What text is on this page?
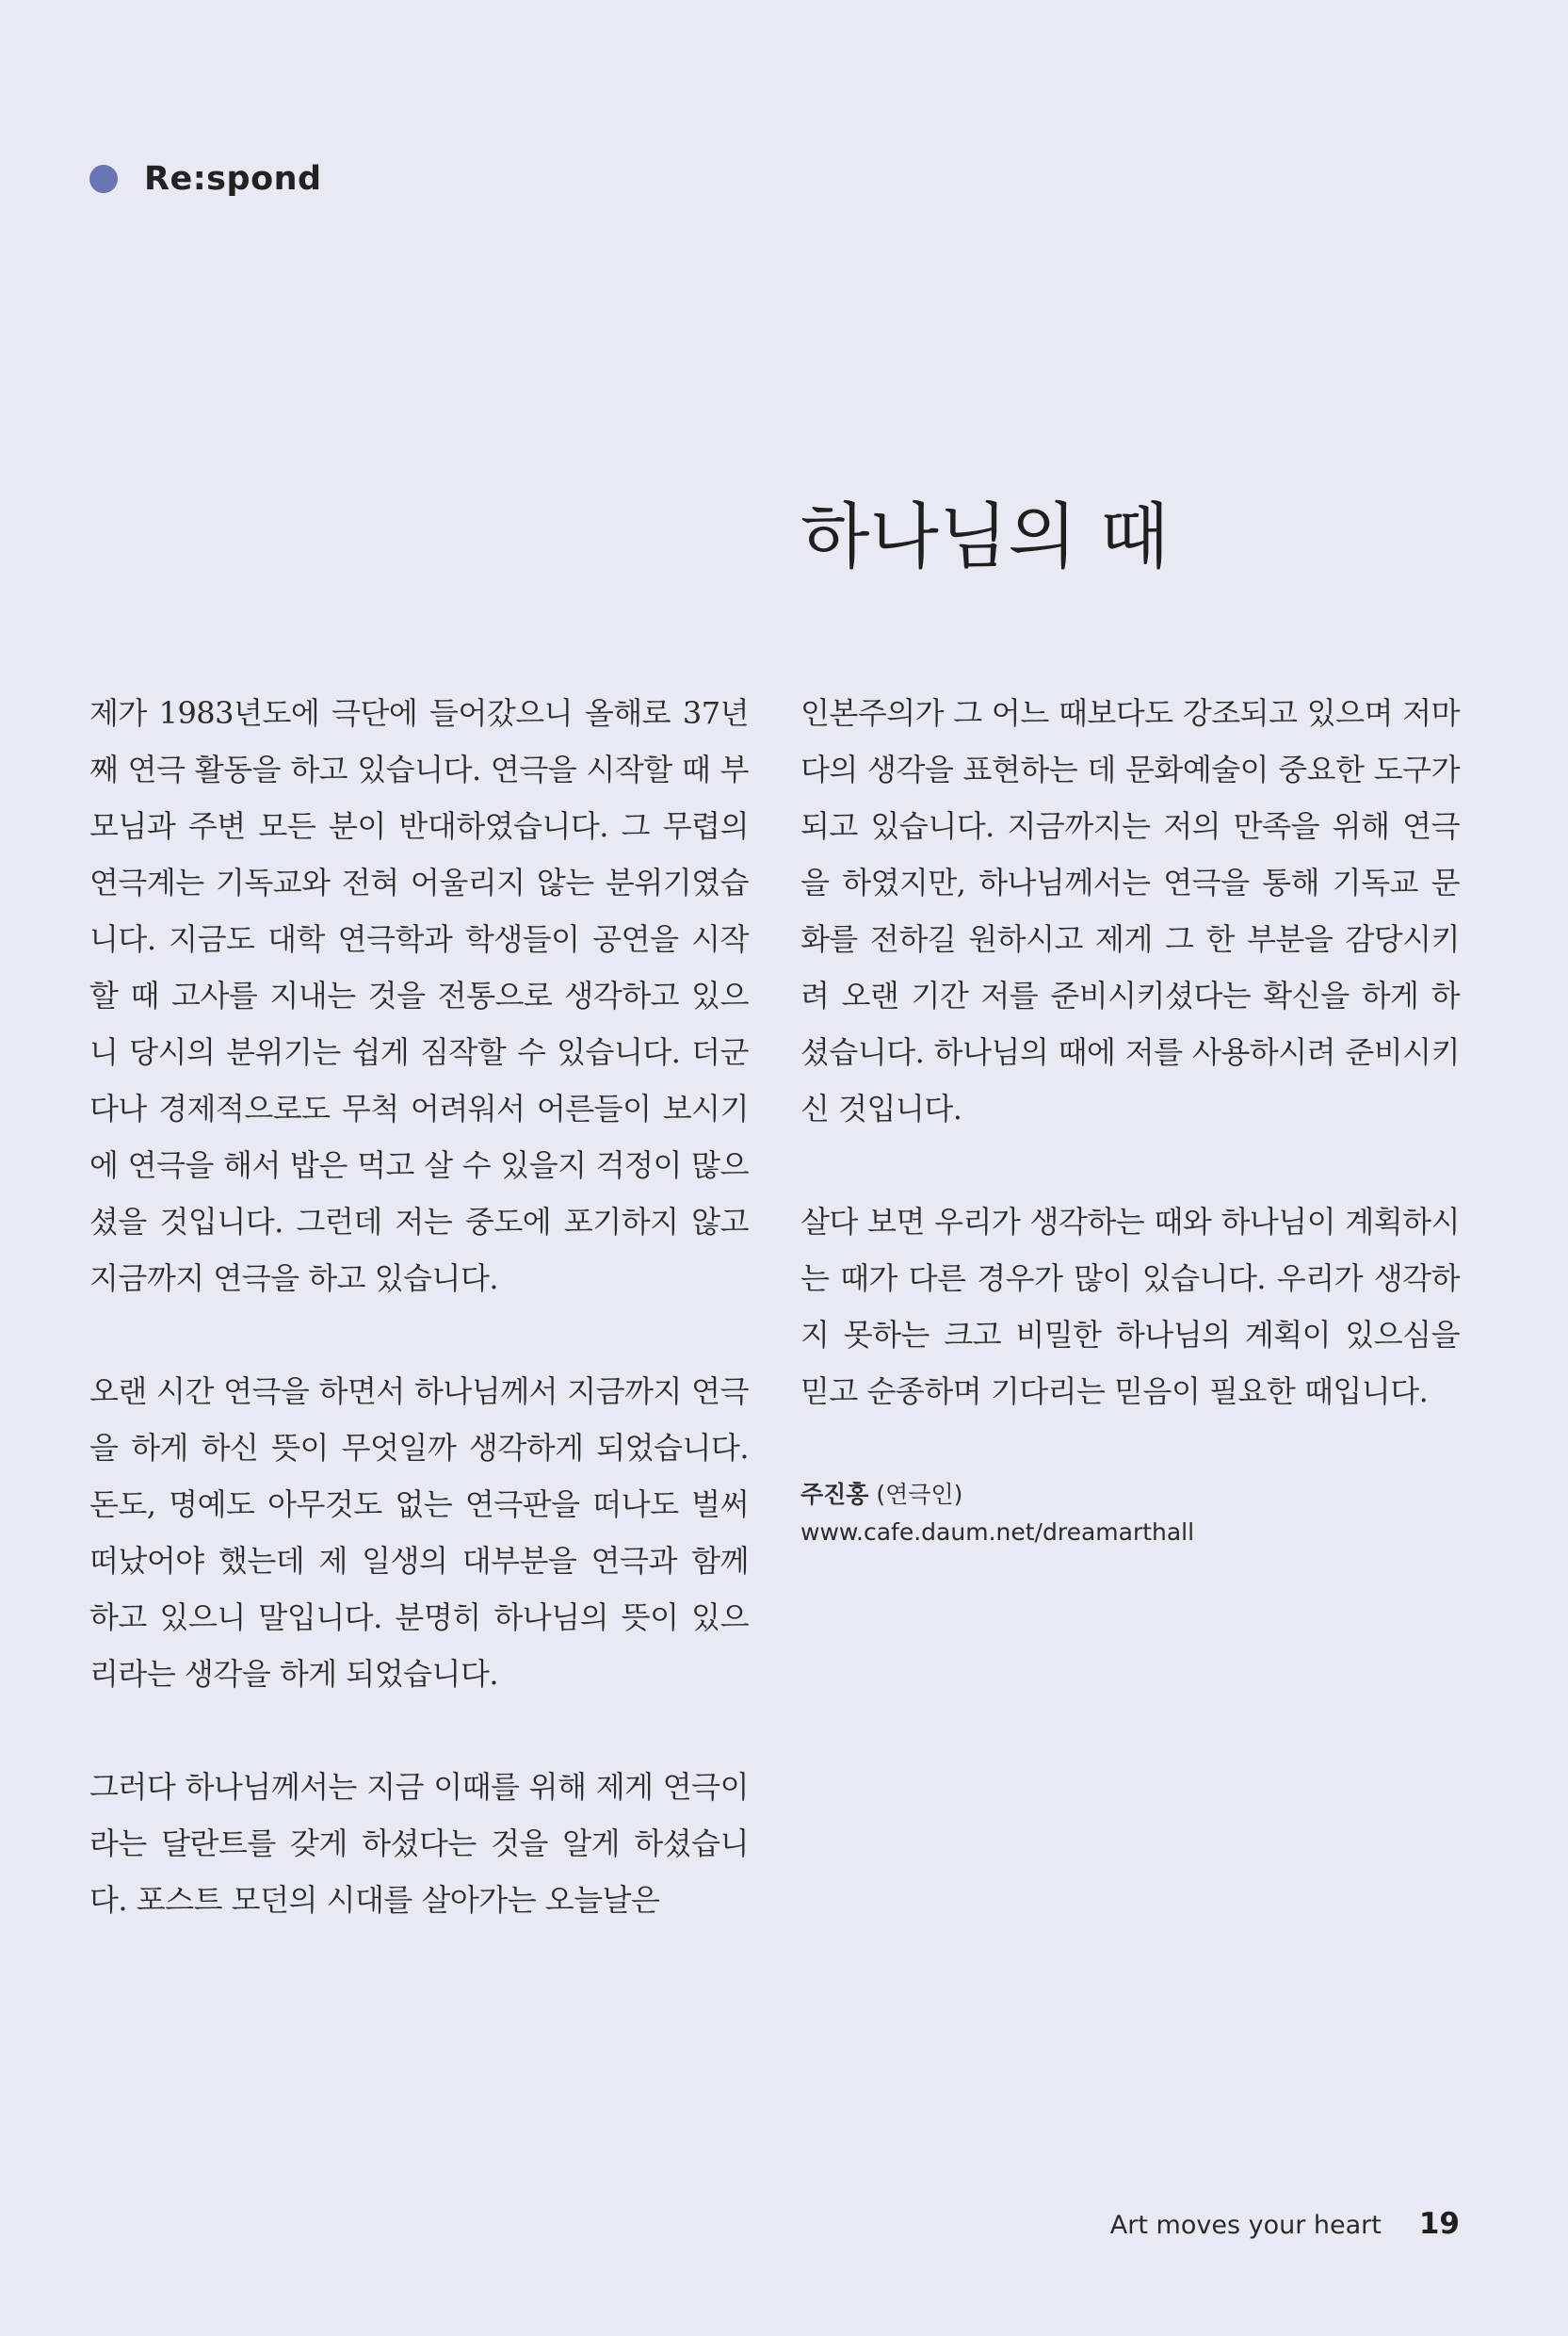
Re:spond
하나님의 때

제가 1983년도에 극단에 들어갔으니 올해로 37년째 연극 활동을 하고 있습니다. 연극을 시작할 때 부모님과 주변 모든 분이 반대하였습니다. 그 무렵의 연극계는 기독교와 전혀 어울리지 않는 분위기였습니다. 지금도 대학 연극학과 학생들이 공연을 시작할 때 고사를 지내는 것을 전통으로 생각하고 있으니 당시의 분위기는 쉽게 짐작할 수 있습니다. 더군다나 경제적으로도 무척 어려워서 어른들이 보시기에 연극을 해서 밥은 먹고 살 수 있을지 걱정이 많으셨을 것입니다. 그런데 저는 중도에 포기하지 않고 지금까지 연극을 하고 있습니다.

오랜 시간 연극을 하면서 하나님께서 지금까지 연극을 하게 하신 뜻이 무엇일까 생각하게 되었습니다. 돈도, 명예도 아무것도 없는 연극판을 떠나도 벌써 떠났어야 했는데 제 일생의 대부분을 연극과 함께 하고 있으니 말입니다. 분명히 하나님의 뜻이 있으리라는 생각을 하게 되었습니다.

그러다 하나님께서는 지금 이때를 위해 제게 연극이라는 달란트를 갖게 하셨다는 것을 알게 하셨습니다. 포스트 모던의 시대를 살아가는 오늘날은

인본주의가 그 어느 때보다도 강조되고 있으며 저마다의 생각을 표현하는 데 문화예술이 중요한 도구가 되고 있습니다. 지금까지는 저의 만족을 위해 연극을 하였지만, 하나님께서는 연극을 통해 기독교 문화를 전하길 원하시고 제게 그 한 부분을 감당시키려 오랜 기간 저를 준비시키셨다는 확신을 하게 하셨습니다. 하나님의 때에 저를 사용하시려 준비시키신 것입니다.

살다 보면 우리가 생각하는 때와 하나님이 계획하시는 때가 다른 경우가 많이 있습니다. 우리가 생각하지 못하는 크고 비밀한 하나님의 계획이 있으심을 믿고 순종하며 기다리는 믿음이 필요한 때입니다.

주진홍 (연극인)
www.cafe.daum.net/dreamarthall
Art moves your heart 19
